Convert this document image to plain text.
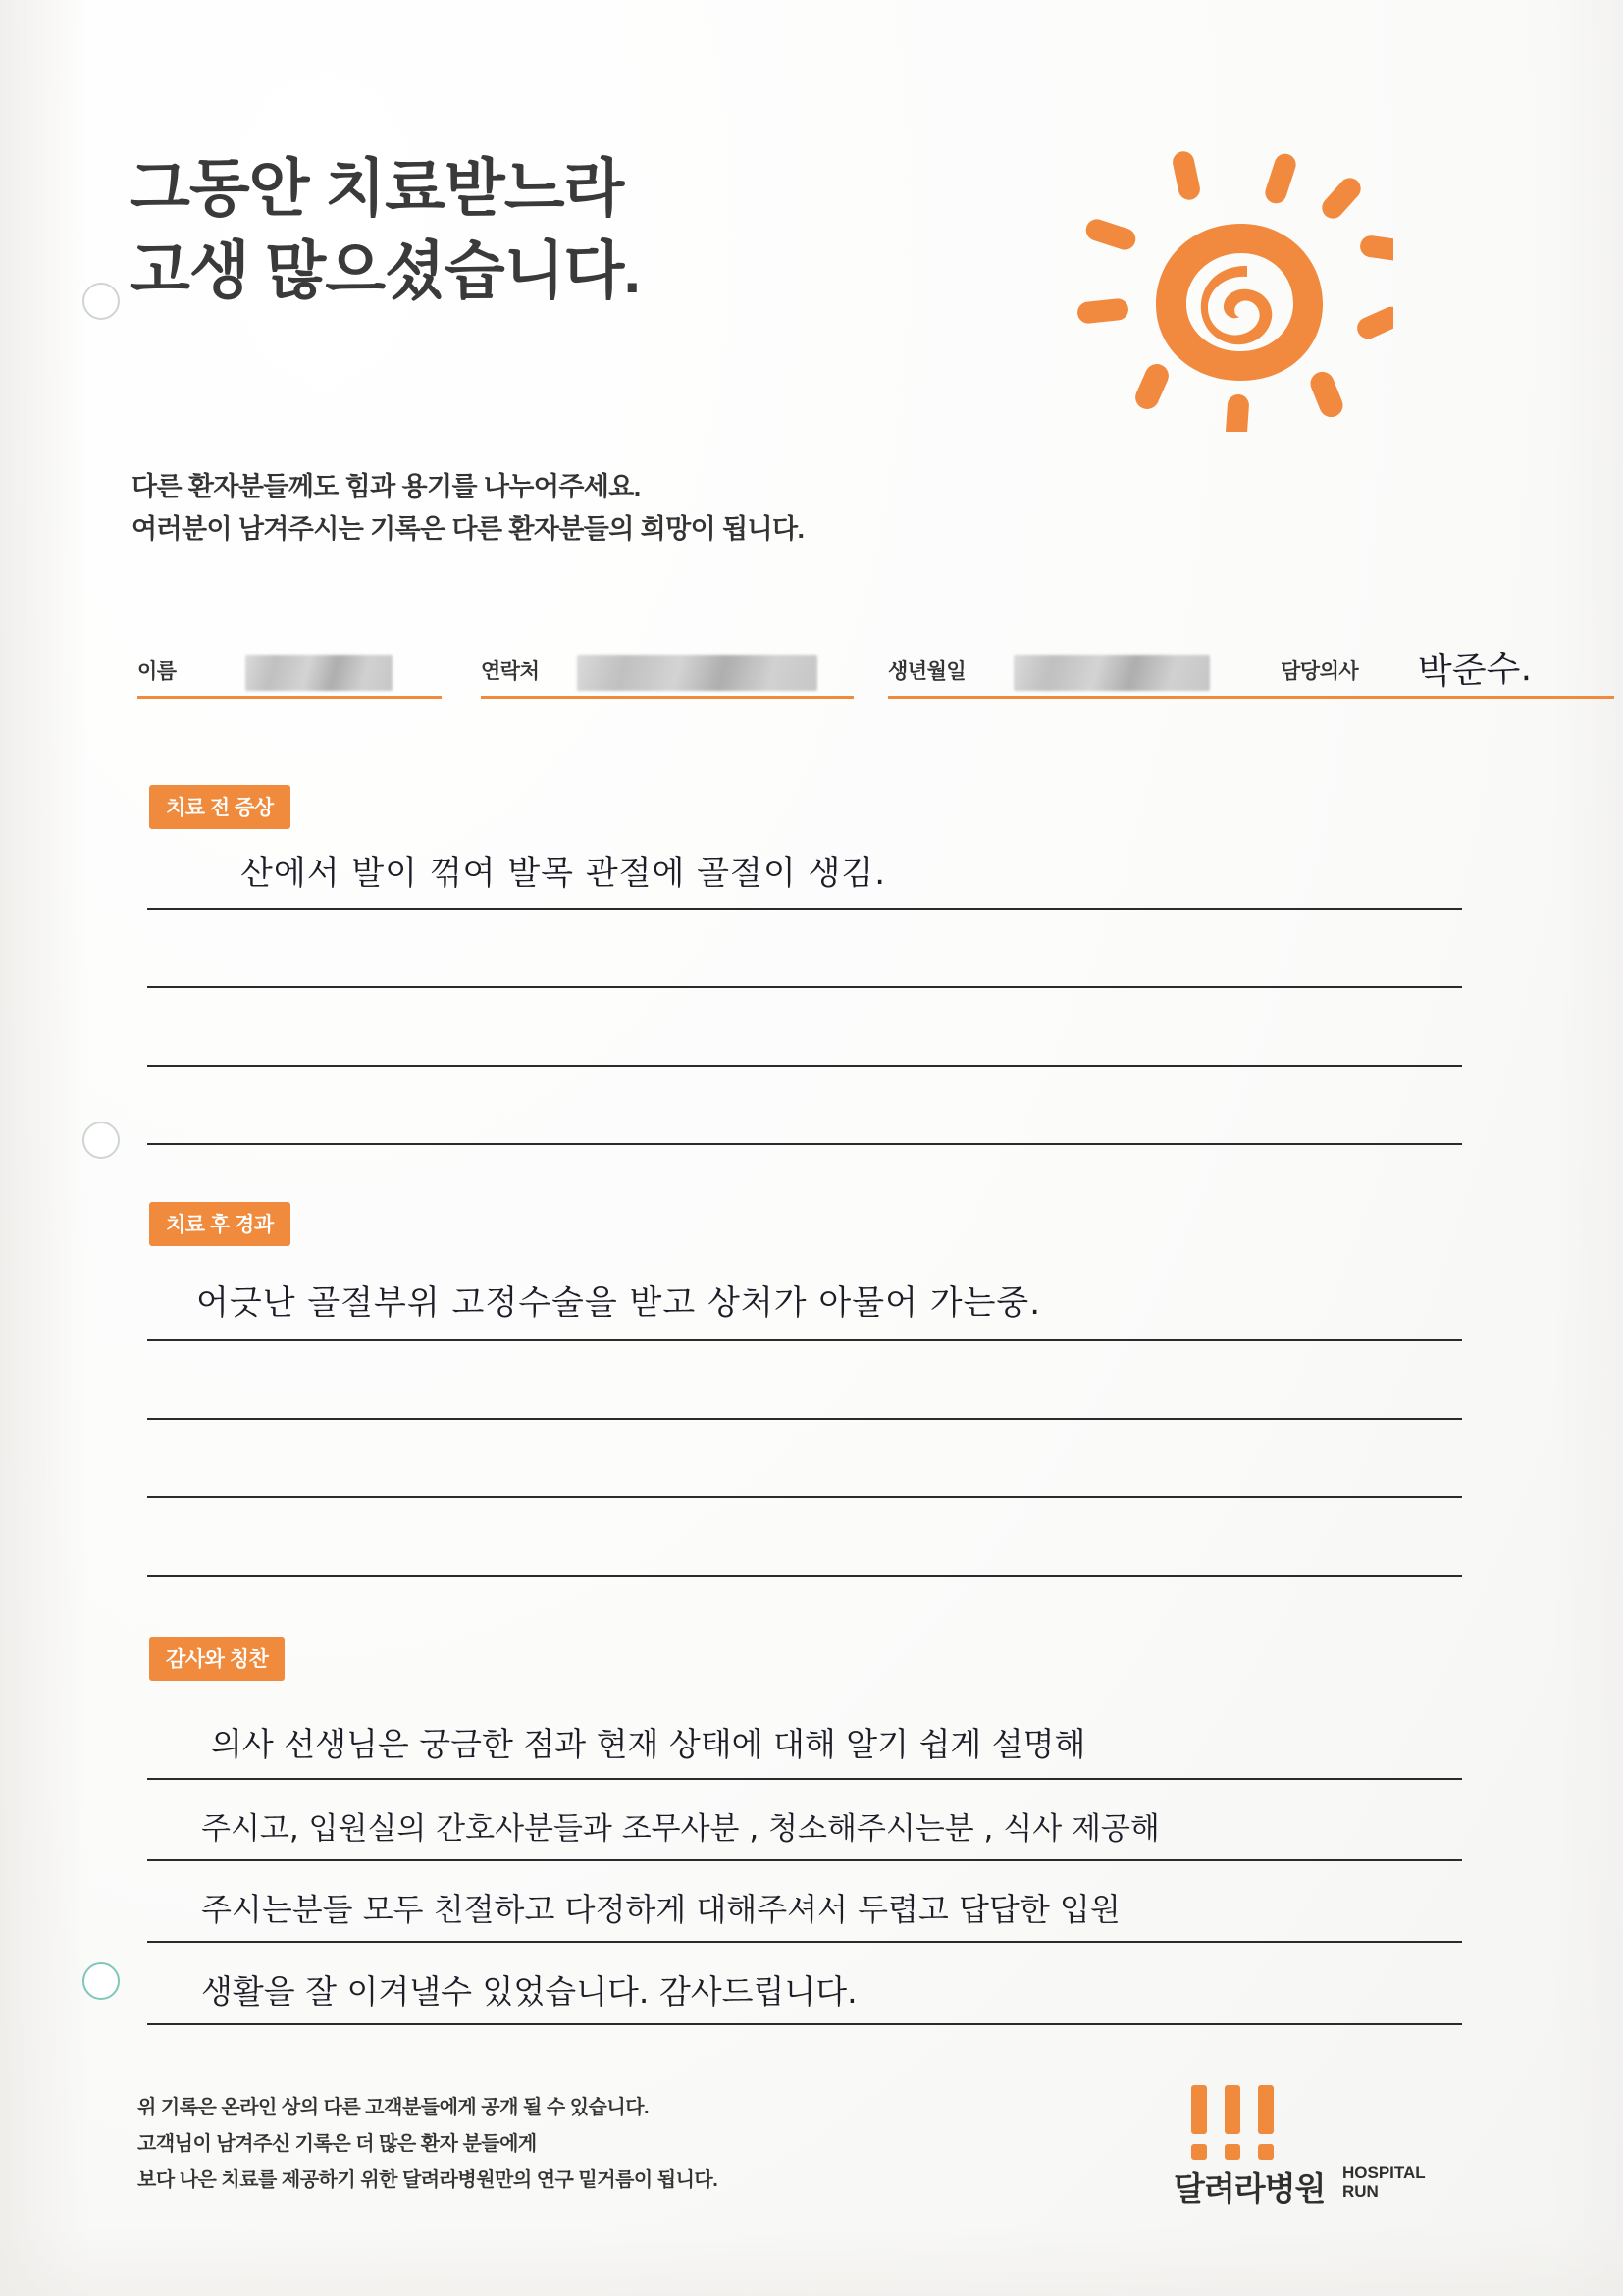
그동안 치료받느라
고생 많으셨습니다.
다른 환자분들께도 힘과 용기를 나누어주세요.
여러분이 남겨주시는 기록은 다른 환자분들의 희망이 됩니다.
이름	연락처	생년월일	담당의사 박준수.
치료 전 증상
산에서 발이 꺾여 발목 관절에 골절이 생김.
치료 후 경과
어긋난 골절부위 고정수술을 받고 상처가 아물어 가는중.
감사와 칭찬
의사 선생님은 궁금한 점과 현재 상태에 대해 알기 쉽게 설명해
주시고, 입원실의 간호사분들과 조무사분 , 청소해주시는분 , 식사 제공해
주시는분들 모두 친절하고 다정하게 대해주셔서 두렵고 답답한 입원
생활을 잘 이겨낼수 있었습니다. 감사드립니다.
위 기록은 온라인 상의 다른 고객분들에게 공개 될 수 있습니다.
고객님이 남겨주신 기록은 더 많은 환자 분들에게
보다 나은 치료를 제공하기 위한 달려라병원만의 연구 밑거름이 됩니다.	달려라병원 HOSPITAL
RUN
